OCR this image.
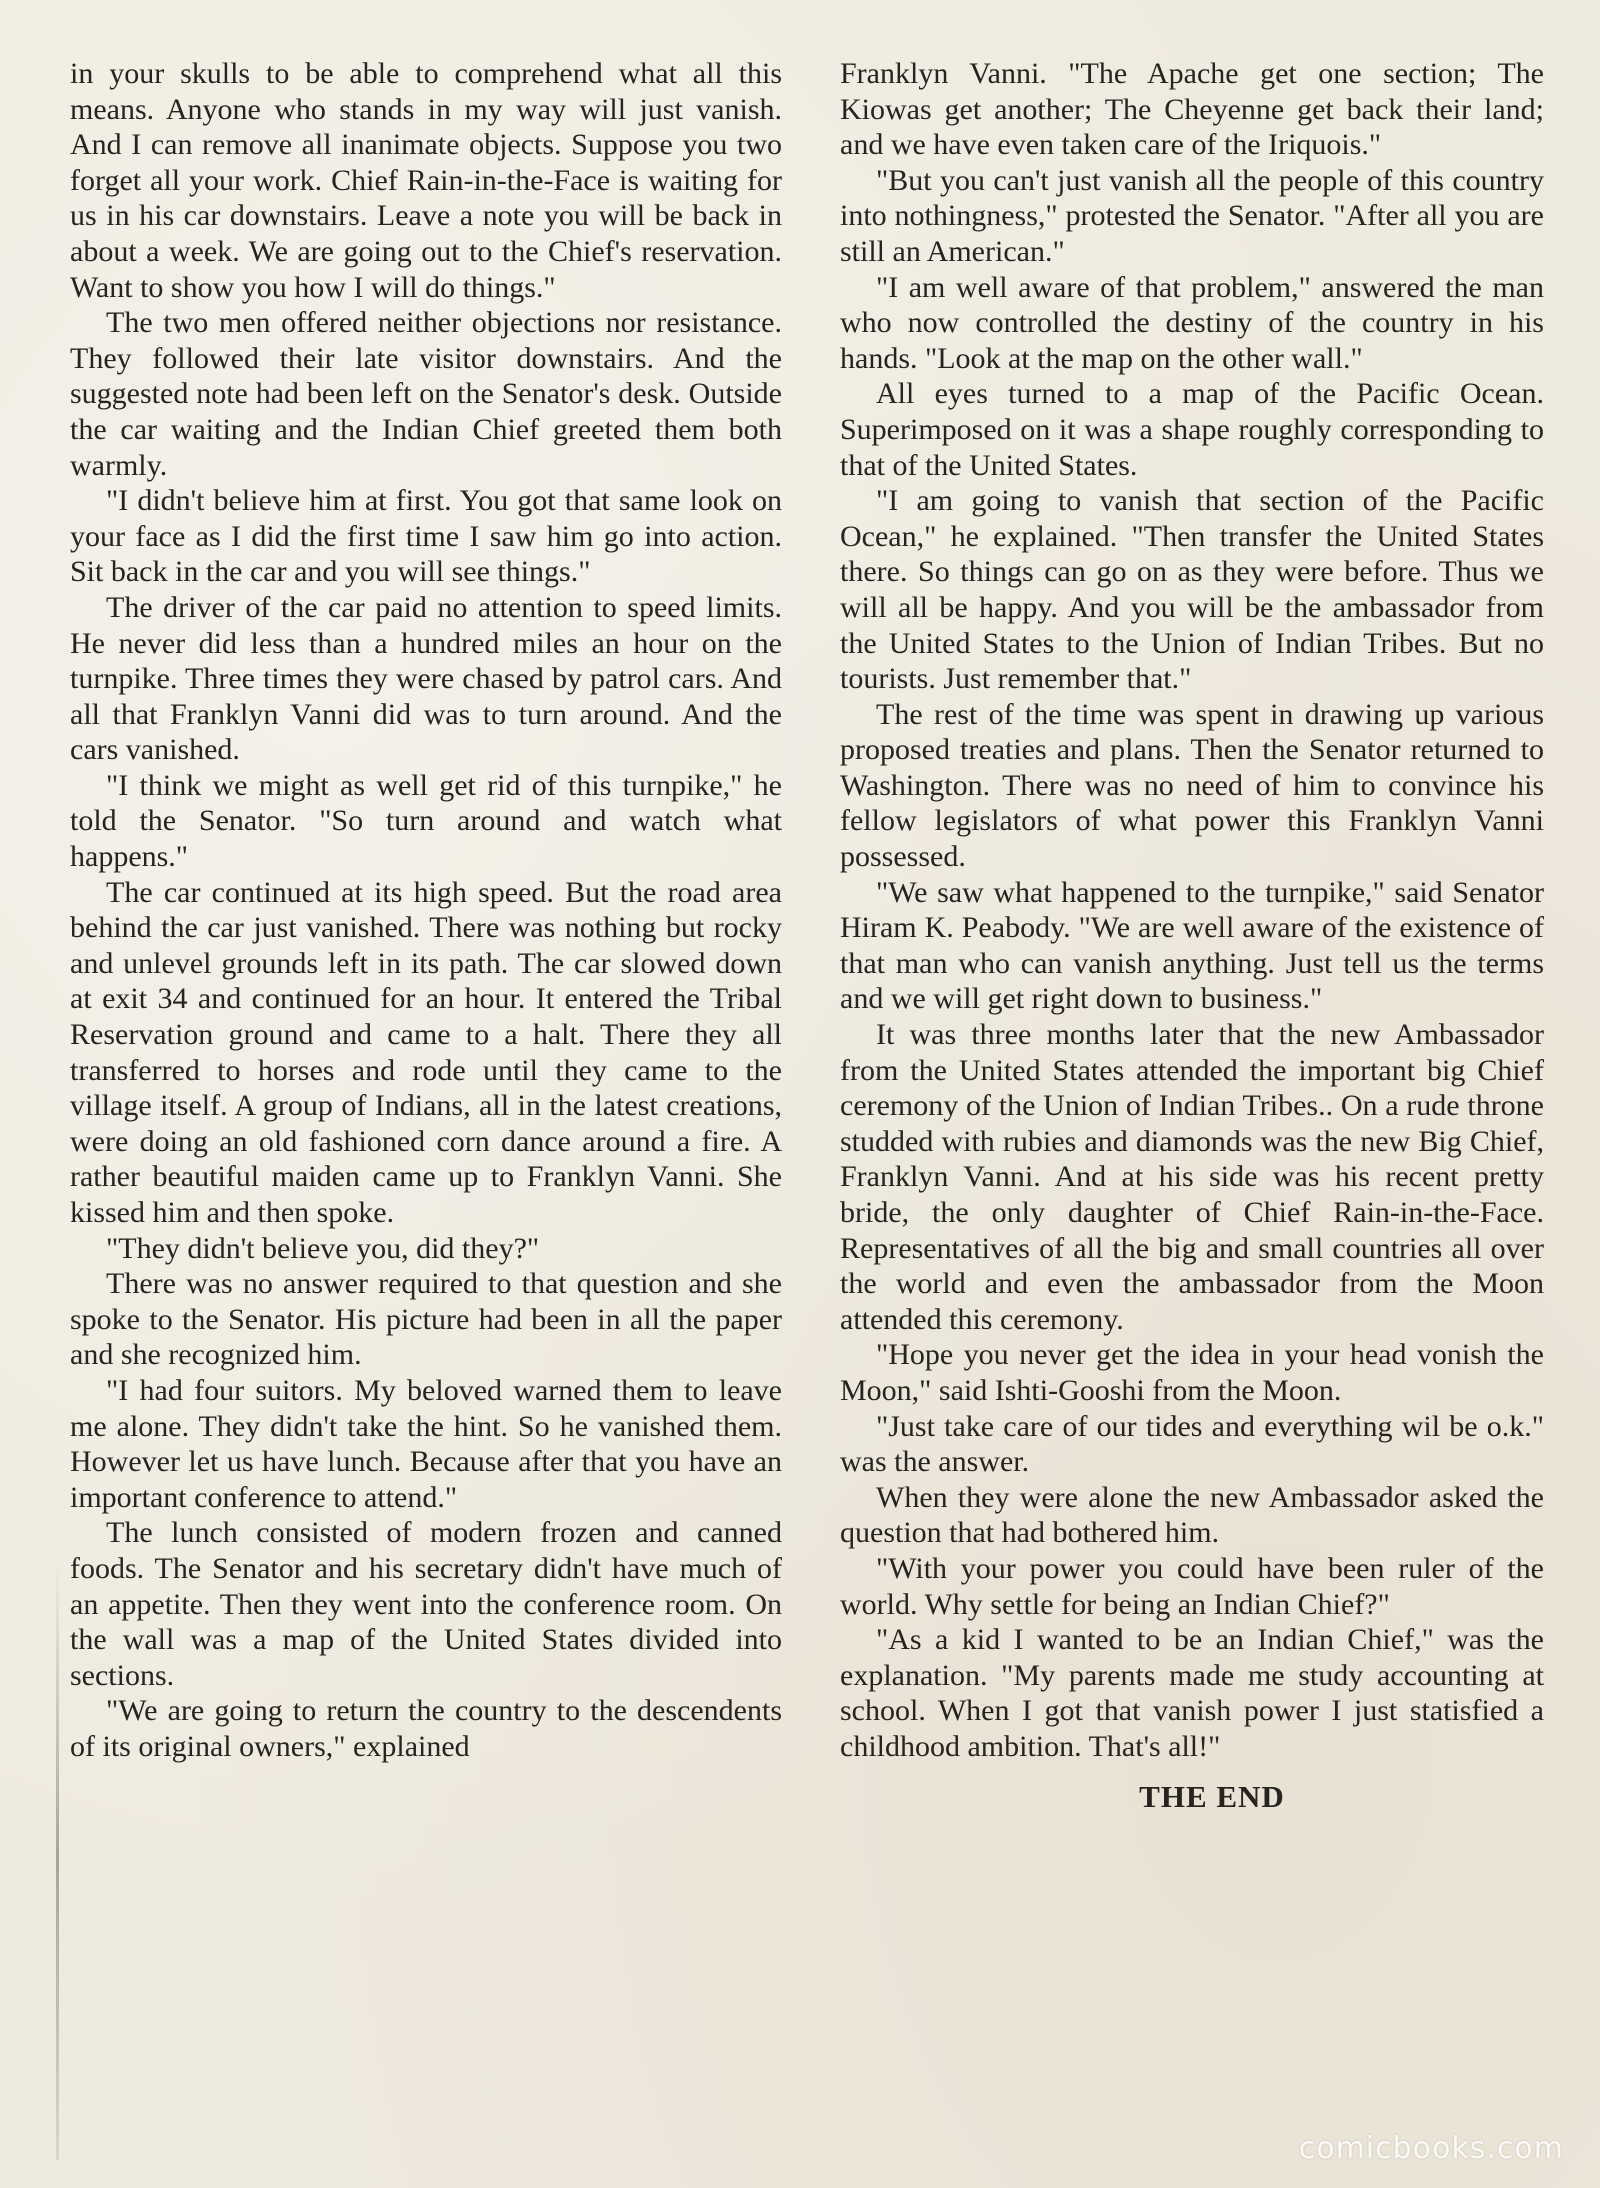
in your skulls to be able to comprehend what all this means. Anyone who stands in my way will just vanish. And I can remove all inanimate objects. Suppose you two forget all your work. Chief Rain-in-the-Face is waiting for us in his car downstairs. Leave a note you will be back in about a week. We are going out to the Chief's reservation. Want to show you how I will do things."

The two men offered neither objections nor resistance. They followed their late visitor downstairs. And the suggested note had been left on the Senator's desk. Outside the car waiting and the Indian Chief greeted them both warmly.

"I didn't believe him at first. You got that same look on your face as I did the first time I saw him go into action. Sit back in the car and you will see things."

The driver of the car paid no attention to speed limits. He never did less than a hundred miles an hour on the turnpike. Three times they were chased by patrol cars. And all that Franklyn Vanni did was to turn around. And the cars vanished.

"I think we might as well get rid of this turnpike," he told the Senator. "So turn around and watch what happens."

The car continued at its high speed. But the road area behind the car just vanished. There was nothing but rocky and unlevel grounds left in its path. The car slowed down at exit 34 and continued for an hour. It entered the Tribal Reservation ground and came to a halt. There they all transferred to horses and rode until they came to the village itself. A group of Indians, all in the latest creations, were doing an old fashioned corn dance around a fire. A rather beautiful maiden came up to Franklyn Vanni. She kissed him and then spoke.

"They didn't believe you, did they?"

There was no answer required to that question and she spoke to the Senator. His picture had been in all the paper and she recognized him.

"I had four suitors. My beloved warned them to leave me alone. They didn't take the hint. So he vanished them. However let us have lunch. Because after that you have an important conference to attend."

The lunch consisted of modern frozen and canned foods. The Senator and his secretary didn't have much of an appetite. Then they went into the conference room. On the wall was a map of the United States divided into sections.

"We are going to return the country to the descendents of its original owners," explained

Franklyn Vanni. "The Apache get one section; The Kiowas get another; The Cheyenne get back their land; and we have even taken care of the Iriquois."

"But you can't just vanish all the people of this country into nothingness," protested the Senator. "After all you are still an American."

"I am well aware of that problem," answered the man who now controlled the destiny of the country in his hands. "Look at the map on the other wall."

All eyes turned to a map of the Pacific Ocean. Superimposed on it was a shape roughly corresponding to that of the United States.

"I am going to vanish that section of the Pacific Ocean," he explained. "Then transfer the United States there. So things can go on as they were before. Thus we will all be happy. And you will be the ambassador from the United States to the Union of Indian Tribes. But no tourists. Just remember that."

The rest of the time was spent in drawing up various proposed treaties and plans. Then the Senator returned to Washington. There was no need of him to convince his fellow legislators of what power this Franklyn Vanni possessed.

"We saw what happened to the turnpike," said Senator Hiram K. Peabody. "We are well aware of the existence of that man who can vanish anything. Just tell us the terms and we will get right down to business."

It was three months later that the new Ambassador from the United States attended the important big Chief ceremony of the Union of Indian Tribes.. On a rude throne studded with rubies and diamonds was the new Big Chief, Franklyn Vanni. And at his side was his recent pretty bride, the only daughter of Chief Rain-in-the-Face. Representatives of all the big and small countries all over the world and even the ambassador from the Moon attended this ceremony.

"Hope you never get the idea in your head vonish the Moon," said Ishti-Gooshi from the Moon.

"Just take care of our tides and everything wil be o.k." was the answer.

When they were alone the new Ambassador asked the question that had bothered him.

"With your power you could have been ruler of the world. Why settle for being an Indian Chief?"

"As a kid I wanted to be an Indian Chief," was the explanation. "My parents made me study accounting at school. When I got that vanish power I just statisfied a childhood ambition. That's all!"

THE END
comicbooks.com
